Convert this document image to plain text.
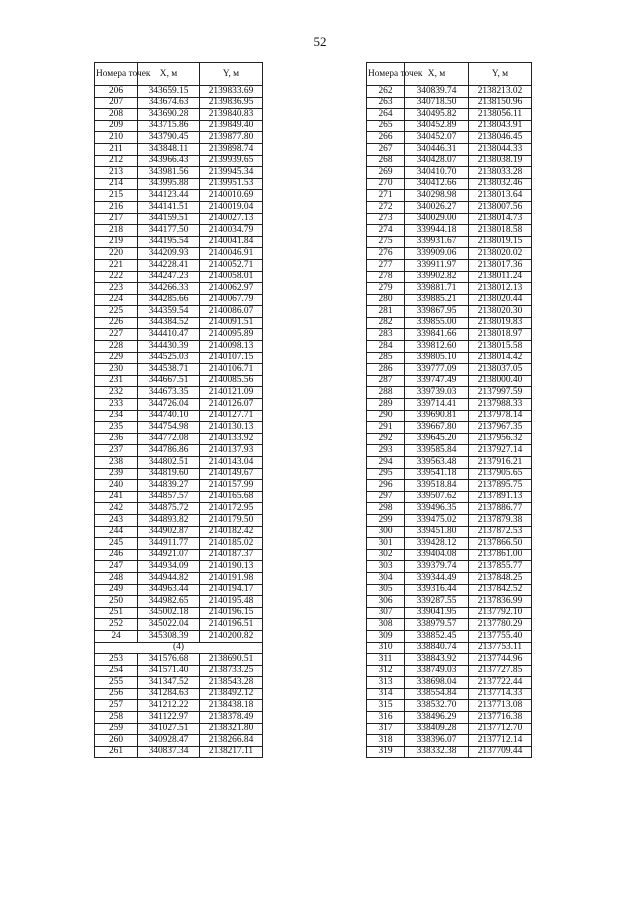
52
Номера точек	X, м	Y, м
206	343659.15	2139833.69
207	343674.63	2139836.95
208	343690.28	2139840.83
209	343715.86	2139849.40
210	343790.45	2139877.80
211	343848.11	2139898.74
212	343966.43	2139939.65
213	343981.56	2139945.34
214	343995.88	2139951.53
215	344123.44	2140010.69
216	344141.51	2140019.04
217	344159.51	2140027.13
218	344177.50	2140034.79
219	344195.54	2140041.84
220	344209.93	2140046.91
221	344228.41	2140052.71
222	344247.23	2140058.01
223	344266.33	2140062.97
224	344285.66	2140067.79
225	344359.54	2140086.07
226	344384.52	2140091.51
227	344410.47	2140095.89
228	344430.39	2140098.13
229	344525.03	2140107.15
230	344538.71	2140106.71
231	344667.51	2140085.56
232	344673.35	2140121.09
233	344726.04	2140126.07
234	344740.10	2140127.71
235	344754.98	2140130.13
236	344772.08	2140133.92
237	344786.86	2140137.93
238	344802.51	2140143.04
239	344819.60	2140149.67
240	344839.27	2140157.99
241	344857.57	2140165.68
242	344875.72	2140172.95
243	344893.82	2140179.50
244	344902.87	2140182.42
245	344911.77	2140185.02
246	344921.07	2140187.37
247	344934.09	2140190.13
248	344944.82	2140191.98
249	344963.44	2140194.17
250	344982.65	2140195.48
251	345002.18	2140196.15
252	345022.04	2140196.51
24	345308.39	2140200.82
(4)		
253	341576.68	2138690.51
254	341571.40	2138733.25
255	341347.52	2138543.28
256	341284.63	2138492.12
257	341212.22	2138438.18
258	341122.97	2138378.49
259	341027.51	2138321.80
260	340928.47	2138266.84
261	340837.34	2138217.11
Номера точек	X, м	Y, м
262	340839.74	2138213.02
263	340718.50	2138150.96
264	340495.82	2138056.11
265	340452.89	2138043.91
266	340452.07	2138046.45
267	340446.31	2138044.33
268	340428.07	2138038.19
269	340410.70	2138033.28
270	340412.66	2138032.46
271	340298.98	2138013.64
272	340026.27	2138007.56
273	340029.00	2138014.73
274	339944.18	2138018.58
275	339931.67	2138019.15
276	339909.06	2138020.02
277	339911.97	2138017.36
278	339902.82	2138011.24
279	339881.71	2138012.13
280	339885.21	2138020.44
281	339867.95	2138020.30
282	339855.00	2138019.83
283	339841.66	2138018.97
284	339812.60	2138015.58
285	339805.10	2138014.42
286	339777.09	2138037.05
287	339747.49	2138000.40
288	339739.03	2137997.59
289	339714.41	2137988.33
290	339690.81	2137978.14
291	339667.80	2137967.35
292	339645.20	2137956.32
293	339585.84	2137927.14
294	339563.48	2137916.21
295	339541.18	2137905.65
296	339518.84	2137895.75
297	339507.62	2137891.13
298	339496.35	2137886.77
299	339475.02	2137879.38
300	339451.80	2137872.53
301	339428.12	2137866.50
302	339404.08	2137861.00
303	339379.74	2137855.77
304	339344.49	2137848.25
305	339316.44	2137842.52
306	339287.55	2137836.99
307	339041.95	2137792.10
308	338979.57	2137780.29
309	338852.45	2137755.40
310	338840.74	2137753.11
311	338843.92	2137744.96
312	338749.03	2137727.85
313	338698.04	2137722.44
314	338554.84	2137714.33
315	338532.70	2137713.08
316	338496.29	2137716.38
317	338409.28	2137712.70
318	338396.07	2137712.14
319	338332.38	2137709.44
